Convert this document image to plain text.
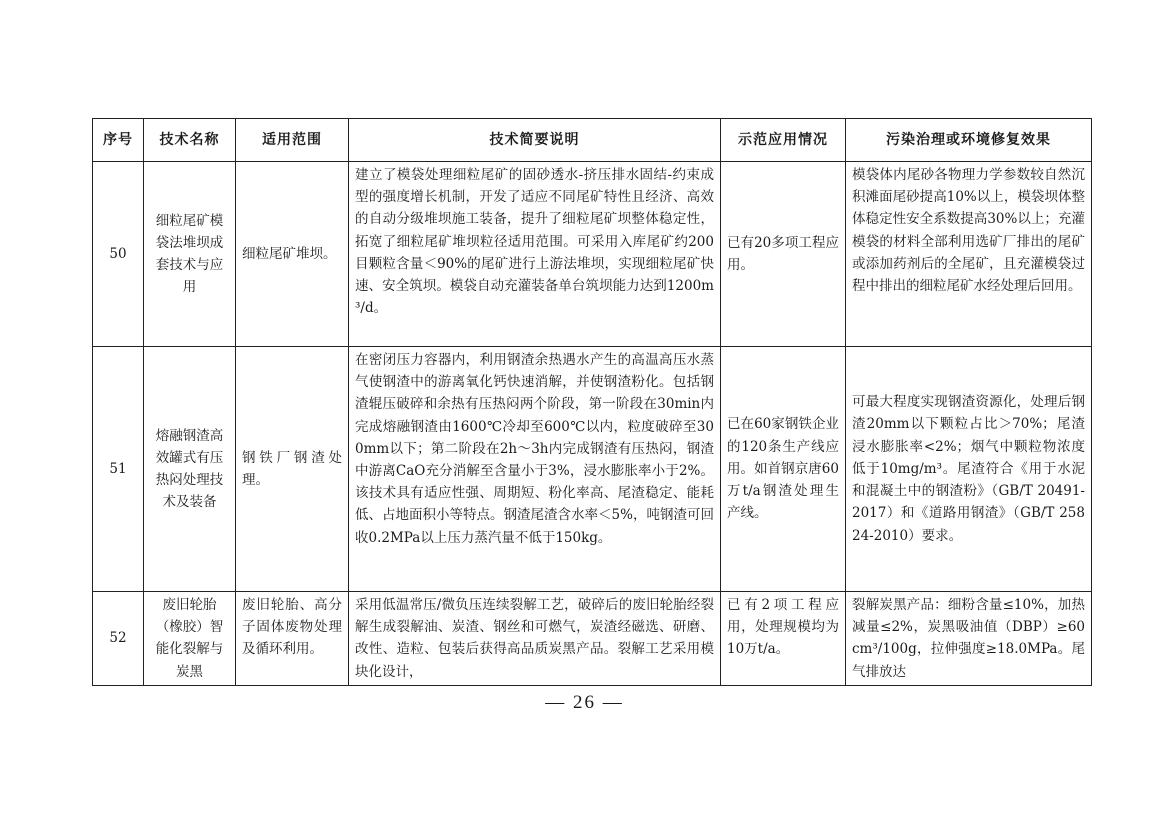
序号	技术名称	适用范围	技术简要说明	示范应用情况	污染治理或环境修复效果
50	细粒尾矿模袋法堆坝成套技术与应用	细粒尾矿堆坝。	建立了模袋处理细粒尾矿的固砂透水-挤压排水固结-约束成型的强度增长机制，开发了适应不同尾矿特性且经济、高效的自动分级堆坝施工装备，提升了细粒尾矿坝整体稳定性，拓宽了细粒尾矿堆坝粒径适用范围。可采用入库尾矿约200目颗粒含量＜90%的尾矿进行上游法堆坝，实现细粒尾矿快速、安全筑坝。模袋自动充灌装备单台筑坝能力达到1200m³/d。	已有20多项工程应用。	模袋体内尾砂各物理力学参数较自然沉积滩面尾砂提高10%以上，模袋坝体整体稳定性安全系数提高30%以上；充灌模袋的材料全部利用选矿厂排出的尾矿或添加药剂后的全尾矿，且充灌模袋过程中排出的细粒尾矿水经处理后回用。
51	熔融钢渣高效罐式有压热闷处理技术及装备	钢铁厂钢渣处理。	在密闭压力容器内，利用钢渣余热遇水产生的高温高压水蒸气使钢渣中的游离氧化钙快速消解，并使钢渣粉化。包括钢渣辊压破碎和余热有压热闷两个阶段，第一阶段在30min内完成熔融钢渣由1600℃冷却至600℃以内，粒度破碎至300mm以下；第二阶段在2h～3h内完成钢渣有压热闷，钢渣中游离CaO充分消解至含量小于3%，浸水膨胀率小于2%。该技术具有适应性强、周期短、粉化率高、尾渣稳定、能耗低、占地面积小等特点。钢渣尾渣含水率＜5%，吨钢渣可回收0.2MPa以上压力蒸汽量不低于150kg。	已在60家钢铁企业的120条生产线应用。如首钢京唐60万t/a钢渣处理生产线。	可最大程度实现钢渣资源化，处理后钢渣20mm以下颗粒占比＞70%；尾渣浸水膨胀率<2%；烟气中颗粒物浓度低于10mg/m³。尾渣符合《用于水泥和混凝土中的钢渣粉》（GB/T 20491-2017）和《道路用钢渣》（GB/T 25824-2010）要求。
52	废旧轮胎（橡胶）智能化裂解与炭黑	废旧轮胎、高分子固体废物处理及循环利用。	采用低温常压/微负压连续裂解工艺，破碎后的废旧轮胎经裂解生成裂解油、炭渣、钢丝和可燃气，炭渣经磁选、研磨、改性、造粒、包装后获得高品质炭黑产品。裂解工艺采用模块化设计，	已有2项工程应用，处理规模均为10万t/a。	裂解炭黑产品：细粉含量≤10%，加热减量≤2%，炭黑吸油值（DBP）≥60cm³/100g，拉伸强度≥18.0MPa。尾气排放达
— 26 —
